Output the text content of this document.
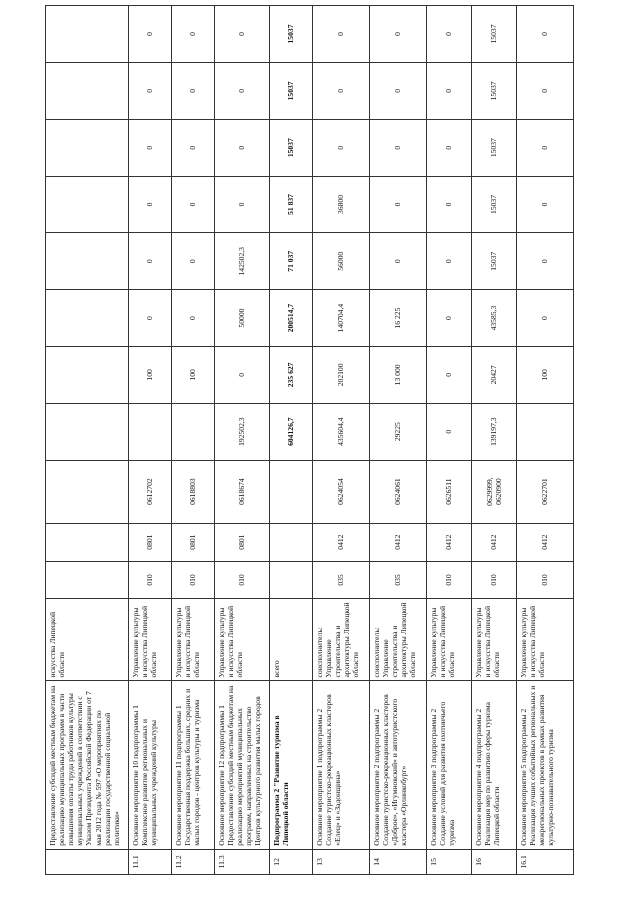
	Предоставление субсидий местным бюджетам на реализацию муниципальных программ в части повышения оплаты труда работников культуры муниципальных учреждений в соответствии с Указом Президента Российской Федерации от 7 мая 2012 года № 597 «О мероприятиях по реализации государственной социальной политики»	искусства Липецкой области											
11.1	Основное мероприятие 10 подпрограммы 1 Комплексное развитие региональных и муниципальных учреждений культуры	Управление культуры и искусства Липецкой области	010	0801	0612702		100	0	0	0	0	0	0
11.2	Основное мероприятие 11 подпрограммы 1 Государственная поддержка больших, средних и малых городов - центров культуры и туризма	Управление культуры и искусства Липецкой области	010	0801	0618803		100	0	0	0	0	0	0
11.3	Основное мероприятие 12 подпрограммы 1 Предоставление субсидий местным бюджетам на реализацию мероприятий муниципальных программ, направленных на строительство Центров культурного развития малых городов	Управление культуры и искусства Липецкой области	010	0801	0618674	192502,3	0	50000	142502,3	0	0	0	0
12	Подпрограмма 2 "Развитие туризма в Липецкой области	всего				604126,7	235 627	200514,7	71 037	51 837	15037	15037	15037
13	Основное мероприятие 1 подпрограммы 2 Создание туристско-рекреационных кластеров «Елец» и «Задонщина»	соисполнитель: Управление строительства и архитектуры Липецкой области	035	0412	0624054	435604,4	202100	140704,4	56000	36800	0	0	0
14	Основное мероприятие 2 подпрограммы 2 Создание туристско-рекреационных кластеров «Доброе», «Игумновский» и автотуристского кластера «Орлинкобург»	соисполнитель: Управление строительства и архитектуры Липецкой области	035	0412	0624061	29225	13 000	16 225	0	0	0	0	0
15	Основное мероприятие 3 подпрограммы 2 Создание условий для развития охотничьего туризма	Управление культуры и искусства Липецкой области	010	0412	0626511	0	0	0	0	0	0	0	0
16	Основное мероприятие 4 подпрограммы 2 Реализация мер по развитию сферы туризма Липецкой области	Управление культуры и искусства Липецкой области	010	0412	0629999, 0620900	139197,3	20427	43585,3	15037	15037	15037	15037	15037
16.1	Основное мероприятие 5 подпрограммы 2 Реализация лучших событийных региональных и межрегиональных проектов в рамках развития культурно-познавательного туризма	Управление культуры и искусства Липецкой области	010	0412	0622701		100	0	0	0	0	0	0
